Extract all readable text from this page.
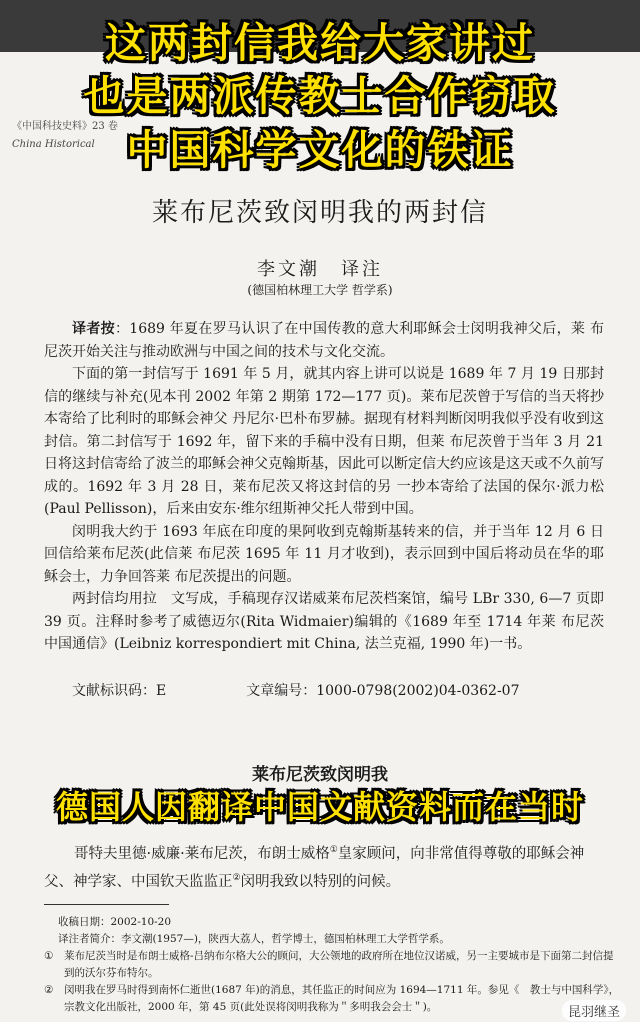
《中国科技史料》23 卷
China Historical
这两封信我给大家讲过
也是两派传教士合作窃取
中国科学文化的铁证
莱布尼茨致闵明我的两封信
李文潮　译注
(德国柏林理工大学 哲学系)

译者按：1689 年夏在罗马认识了在中国传教的意大利耶稣会士闵明我神父后，莱 布尼茨开始关注与推动欧洲与中国之间的技术与文化交流。

下面的第一封信写于 1691 年 5 月，就其内容上讲可以说是 1689 年 7 月 19 日那封信的继续与补充(见本刊 2002 年第 2 期第 172—177 页)。莱布尼茨曾于写信的当天将抄本寄给了比利时的耶稣会神父 丹尼尔·巴朴布罗赫。据现有材料判断闵明我似乎没有收到这封信。第二封信写于 1692 年，留下来的手稿中没有日期，但莱 布尼茨曾于当年 3 月 21 日将这封信寄给了波兰的耶稣会神父克翰斯基，因此可以断定信大约应该是这天或不久前写成的。1692 年 3 月 28 日，莱布尼茨又将这封信的另 一抄本寄给了法国的保尔·派力松(Paul Pellisson)，后来由安东·维尔纽斯神父托人带到中国。

闵明我大约于 1693 年底在印度的果阿收到克翰斯基转来的信，并于当年 12 月 6 日回信给莱布尼茨(此信莱 布尼茨 1695 年 11 月才收到)，表示回到中国后将动员在华的耶稣会士，力争回答莱 布尼茨提出的问题。

两封信均用拉　文写成，手稿现存汉诺威莱布尼茨档案馆，编号 LBr 330, 6—7 页即 39 页。注释时参考了威德迈尔(Rita Widmaier)编辑的《1689 年至 1714 年莱 布尼茨 中国通信》(Leibniz korrespondiert mit China, 法兰克福, 1990 年)一书。

文献标识码：E	文章编号：1000-0798(2002)04-0362-07
莱布尼茨致闵明我
德国人因翻译中国文献资料而在当时

哥特夫里德·威廉·莱布尼茨，布朗士威格①皇家顾问，向非常值得尊敬的耶稣会神父、神学家、中国钦天监监正②闵明我致以特别的问候。

收稿日期：2002-10-20
译注者简介：李文潮(1957—)，陕西大荔人，哲学博士，德国柏林理工大学哲学系。
① 莱布尼茨当时是布朗士威格-吕纳布尔格大公的顾问，大公领地的政府所在地位汉诺威，另一主要城市是下面第二封信提到的沃尔芬布特尔。
② 闵明我在罗马时得到南怀仁逝世(1687 年)的消息，其任监正的时间应为 1694—1711 年。参见《　教士与中国科学》，宗教文化出版社，2000 年，第 45 页(此处误将闵明我称为＂多明我会会士＂)。	昆羽继圣
